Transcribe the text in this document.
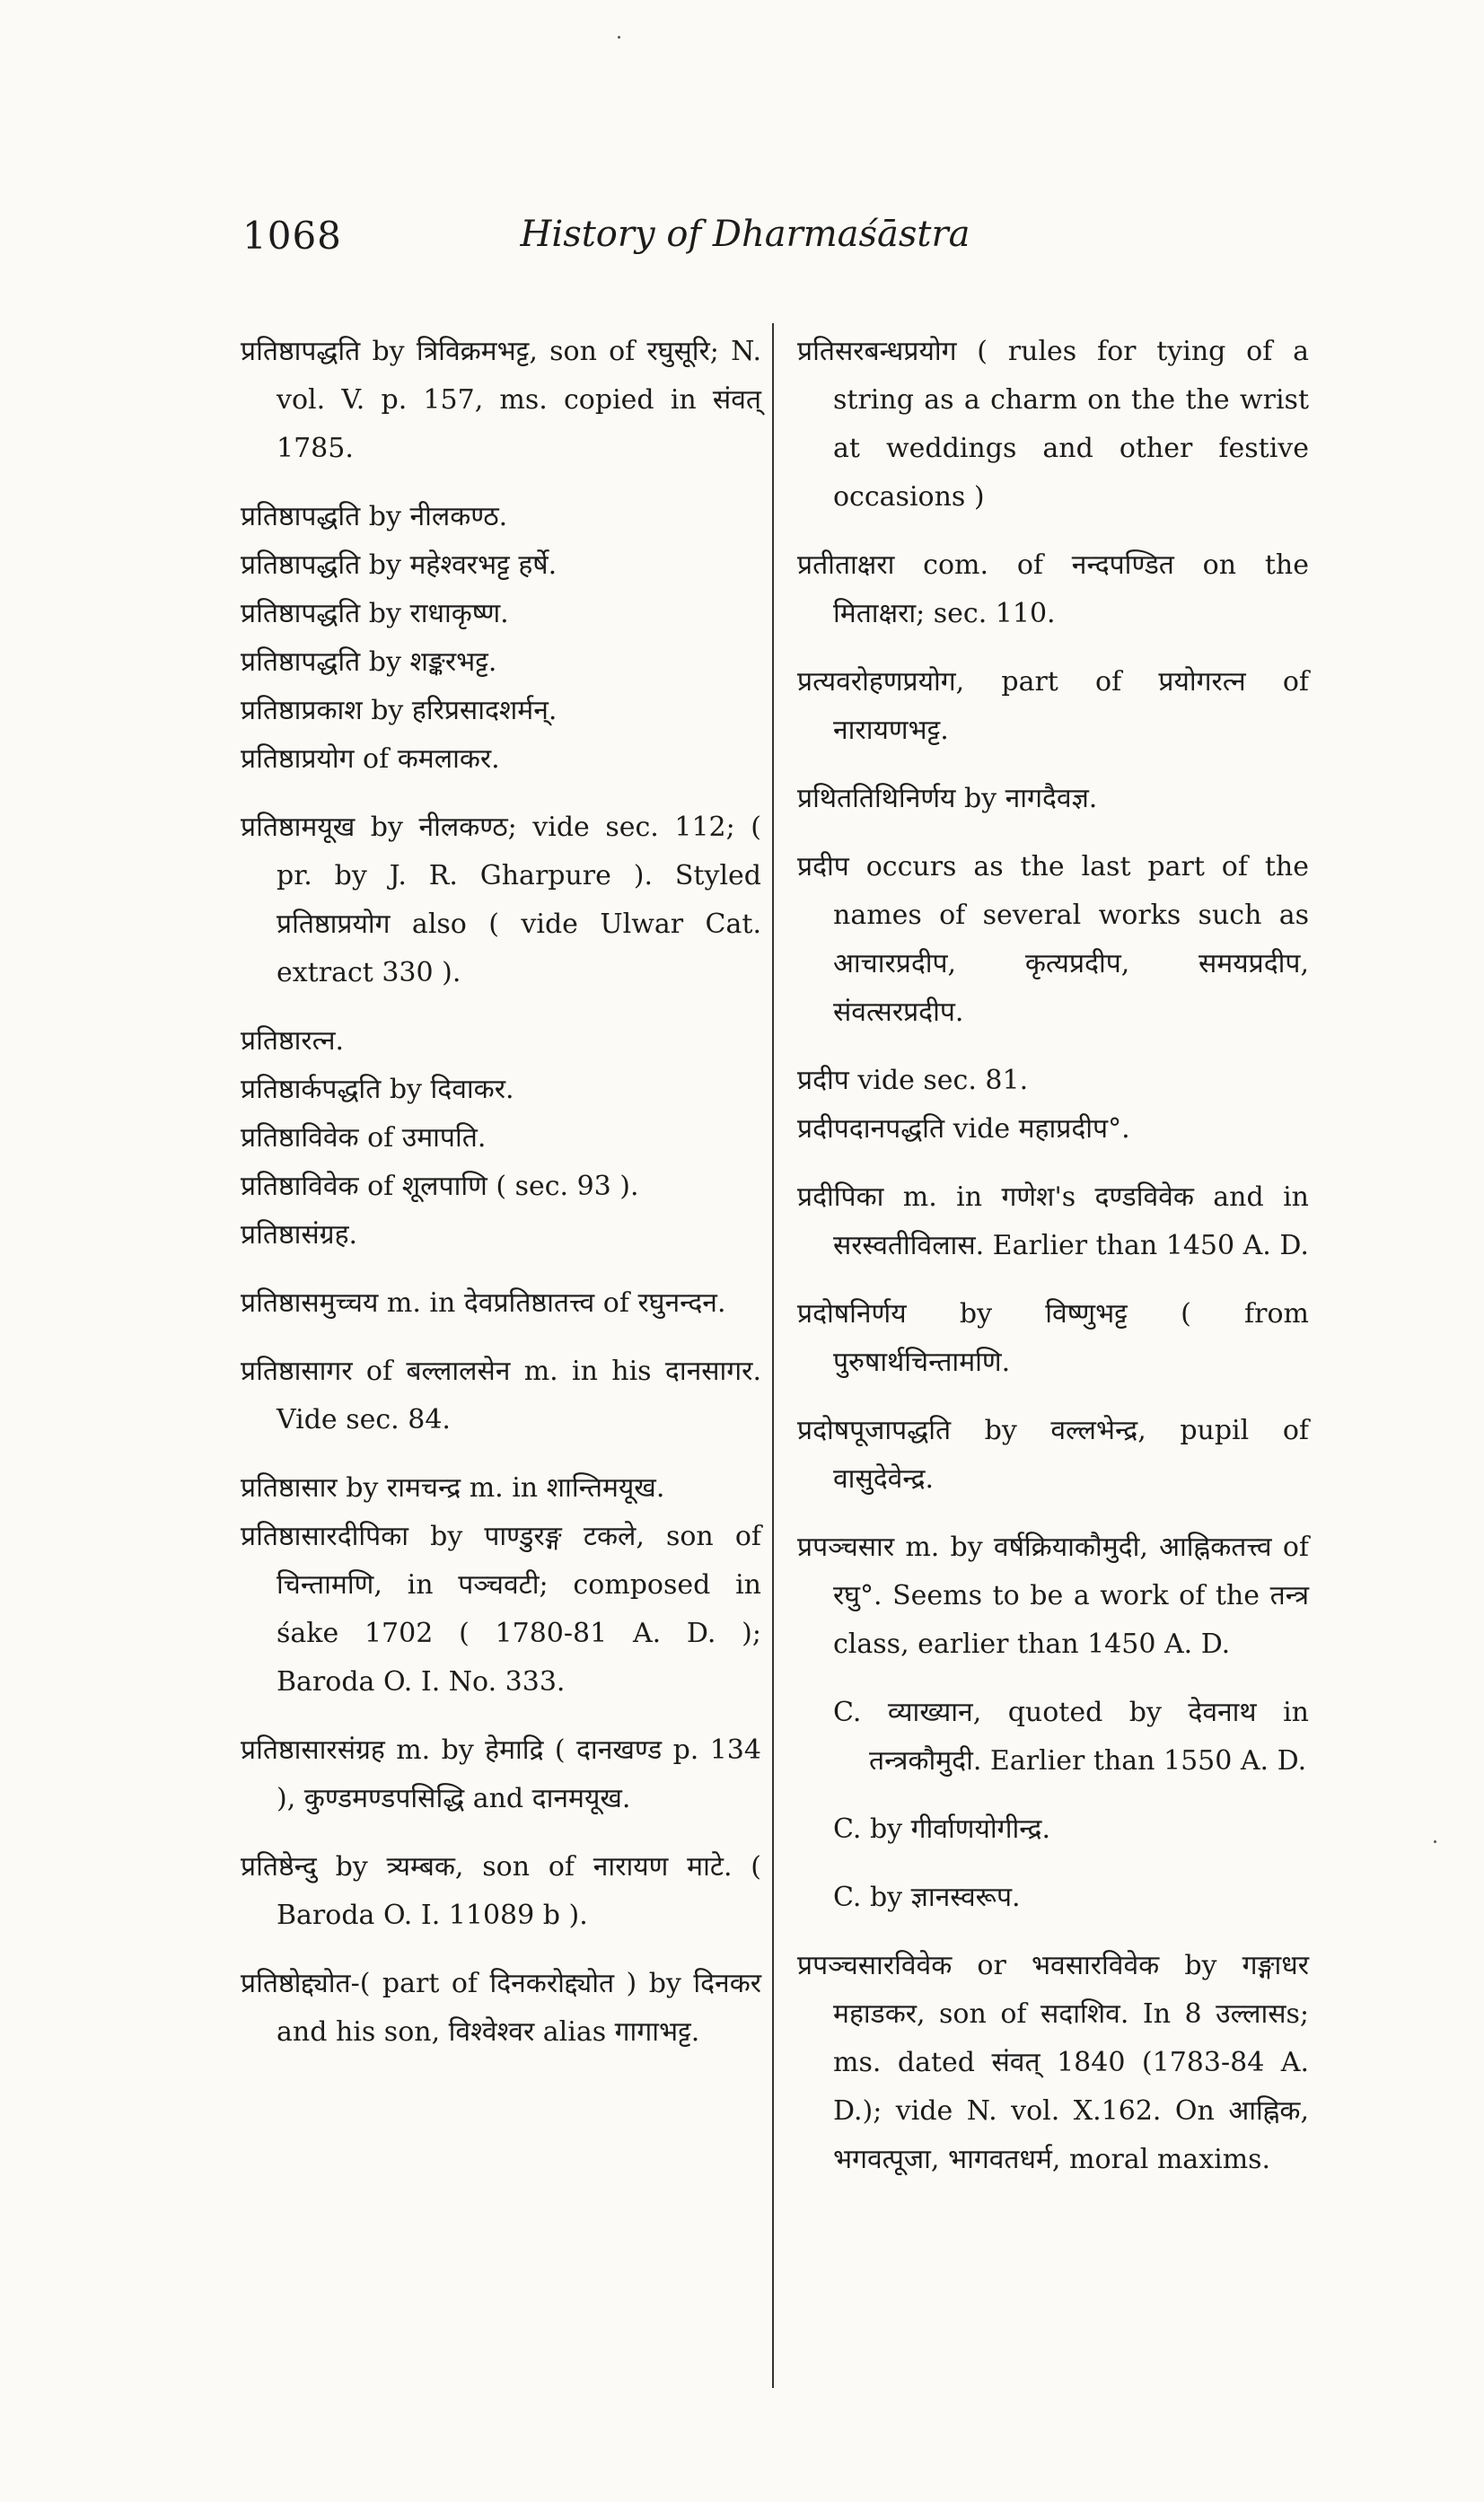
1068	History of Dharmaśāstra

प्रतिष्ठापद्धति by त्रिविक्रमभट्ट, son of रघुसूरि; N. vol. V. p. 157, ms. copied in संवत् 1785.

प्रतिष्ठापद्धति by नीलकण्ठ.

प्रतिष्ठापद्धति by महेश्वरभट्ट हर्षे.

प्रतिष्ठापद्धति by राधाकृष्ण.

प्रतिष्ठापद्धति by शङ्करभट्ट.

प्रतिष्ठाप्रकाश by हरिप्रसादशर्मन्.

प्रतिष्ठाप्रयोग of कमलाकर.

प्रतिष्ठामयूख by नीलकण्ठ; vide sec. 112; ( pr. by J. R. Gharpure ). Styled प्रतिष्ठाप्रयोग also ( vide Ulwar Cat. extract 330 ).

प्रतिष्ठारत्न.

प्रतिष्ठार्कपद्धति by दिवाकर.

प्रतिष्ठाविवेक of उमापति.

प्रतिष्ठाविवेक of शूलपाणि ( sec. 93 ).

प्रतिष्ठासंग्रह.

प्रतिष्ठासमुच्चय m. in देवप्रतिष्ठातत्त्व of रघुनन्दन.

प्रतिष्ठासागर of बल्लालसेन m. in his दानसागर. Vide sec. 84.

प्रतिष्ठासार by रामचन्द्र m. in शान्तिमयूख.

प्रतिष्ठासारदीपिका by पाण्डुरङ्ग टकले, son of चिन्तामणि, in पञ्चवटी; composed in śake 1702 ( 1780-81 A. D. ); Baroda O. I. No. 333.

प्रतिष्ठासारसंग्रह m. by हेमाद्रि ( दानखण्ड p. 134 ), कुण्डमण्डपसिद्धि and दानमयूख.

प्रतिष्ठेन्दु by त्र्यम्बक, son of नारायण माटे. ( Baroda O. I. 11089 b ).

प्रतिष्ठोद्द्योत-( part of दिनकरोद्द्योत ) by दिनकर and his son, विश्वेश्वर alias गागाभट्ट.

प्रतिसरबन्धप्रयोग ( rules for tying of a string as a charm on the the wrist at weddings and other festive occasions )

प्रतीताक्षरा com. of नन्दपण्डित on the मिताक्षरा; sec. 110.

प्रत्यवरोहणप्रयोग, part of प्रयोगरत्न of नारायणभट्ट.

प्रथिततिथिनिर्णय by नागदैवज्ञ.

प्रदीप occurs as the last part of the names of several works such as आचारप्रदीप, कृत्यप्रदीप, समयप्रदीप, संवत्सरप्रदीप.

प्रदीप vide sec. 81.

प्रदीपदानपद्धति vide महाप्रदीप°.

प्रदीपिका m. in गणेश's दण्डविवेक and in सरस्वतीविलास. Earlier than 1450 A. D.

प्रदोषनिर्णय by विष्णुभट्ट ( from पुरुषार्थचिन्तामणि.

प्रदोषपूजापद्धति by वल्लभेन्द्र, pupil of वासुदेवेन्द्र.

प्रपञ्चसार m. by वर्षक्रियाकौमुदी, आह्निकतत्त्व of रघु°. Seems to be a work of the तन्त्र class, earlier than 1450 A. D.

C. व्याख्यान, quoted by देवनाथ in तन्त्रकौमुदी. Earlier than 1550 A. D.

C. by गीर्वाणयोगीन्द्र.

C. by ज्ञानस्वरूप.

प्रपञ्चसारविवेक or भवसारविवेक by गङ्गाधर महाडकर, son of सदाशिव. In 8 उल्लासs; ms. dated संवत् 1840 (1783-84 A. D.); vide N. vol. X.162. On आह्निक, भगवत्पूजा, भागवतधर्म, moral maxims.
